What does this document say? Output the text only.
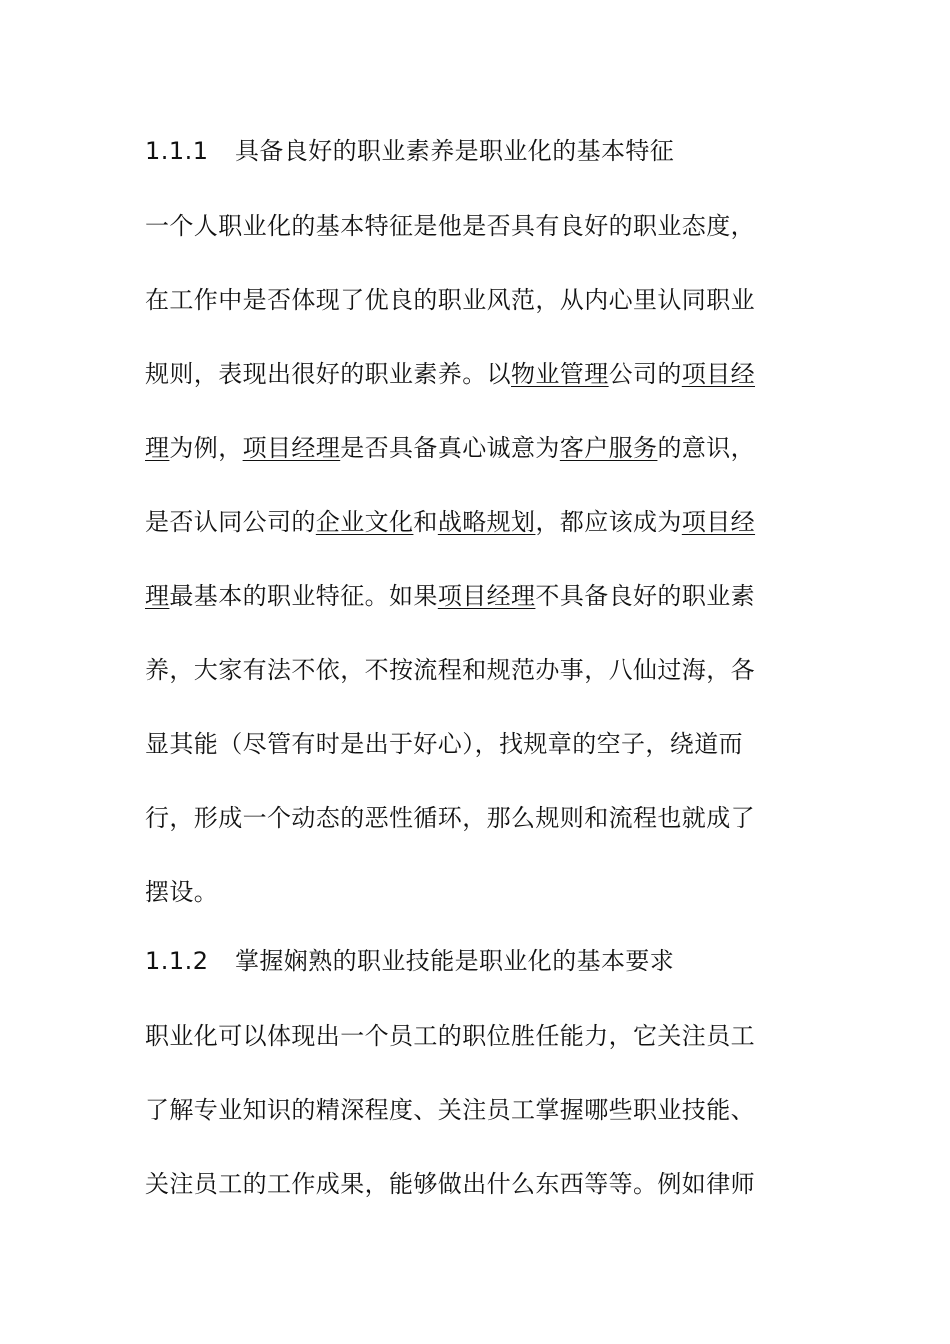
1.1.1 具备良好的职业素养是职业化的基本特征
一个人职业化的基本特征是他是否具有良好的职业态度，
在工作中是否体现了优良的职业风范，从内心里认同职业
规则，表现出很好的职业素养。以物业管理公司的项目经
理为例，项目经理是否具备真心诚意为客户服务的意识，
是否认同公司的企业文化和战略规划，都应该成为项目经
理最基本的职业特征。如果项目经理不具备良好的职业素
养，大家有法不依，不按流程和规范办事，八仙过海，各
显其能（尽管有时是出于好心），找规章的空子，绕道而
行，形成一个动态的恶性循环，那么规则和流程也就成了
摆设。
1.1.2 掌握娴熟的职业技能是职业化的基本要求
职业化可以体现出一个员工的职位胜任能力，它关注员工
了解专业知识的精深程度、关注员工掌握哪些职业技能、
关注员工的工作成果，能够做出什么东西等等。例如律师
